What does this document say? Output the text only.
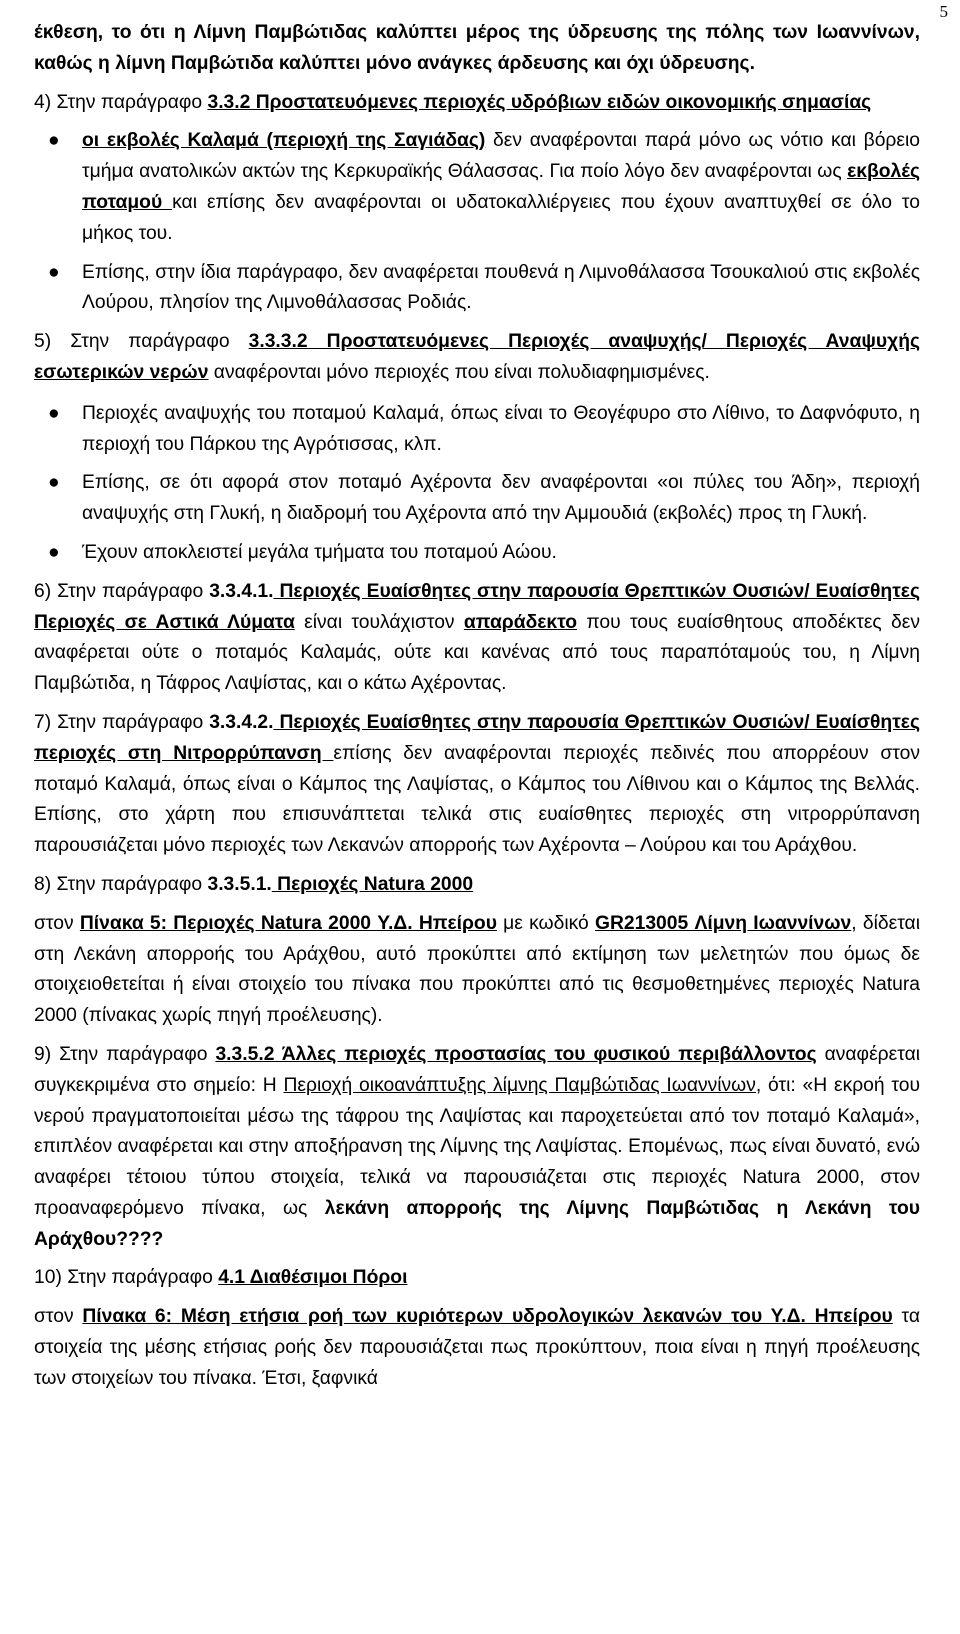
5
έκθεση, το ότι η Λίμνη Παμβώτιδας καλύπτει μέρος της ύδρευσης της πόλης των Ιωαννίνων, καθώς η λίμνη Παμβώτιδα καλύπτει μόνο ανάγκες άρδευσης και όχι ύδρευσης.
4) Στην παράγραφο 3.3.2 Προστατευόμενες περιοχές υδρόβιων ειδών οικονομικής σημασίας
● οι εκβολές Καλαμά (περιοχή της Σαγιάδας) δεν αναφέρονται παρά μόνο ως νότιο και βόρειο τμήμα ανατολικών ακτών της Κερκυραϊκής Θάλασσας. Για ποίο λόγο δεν αναφέρονται ως εκβολές ποταμού και επίσης δεν αναφέρονται οι υδατοκαλλιέργειες που έχουν αναπτυχθεί σε όλο το μήκος του.
● Επίσης, στην ίδια παράγραφο, δεν αναφέρεται πουθενά η Λιμνοθάλασσα Τσουκαλιού στις εκβολές Λούρου, πλησίον της Λιμνοθάλασσας Ροδιάς.
5) Στην παράγραφο 3.3.3.2 Προστατευόμενες Περιοχές αναψυχής/ Περιοχές Αναψυχής εσωτερικών νερών αναφέρονται μόνο περιοχές που είναι πολυδιαφημισμένες.
● Περιοχές αναψυχής του ποταμού Καλαμά, όπως είναι το Θεογέφυρο στο Λίθινο, το Δαφνόφυτο, η περιοχή του Πάρκου της Αγρότισσας, κλπ.
● Επίσης, σε ότι αφορά στον ποταμό Αχέροντα δεν αναφέρονται «οι πύλες του Άδη», περιοχή αναψυχής στη Γλυκή, η διαδρομή του Αχέροντα από την Αμμουδιά (εκβολές) προς τη Γλυκή.
● Έχουν αποκλειστεί μεγάλα τμήματα του ποταμού Αώου.
6) Στην παράγραφο 3.3.4.1. Περιοχές Ευαίσθητες στην παρουσία Θρεπτικών Ουσιών/ Ευαίσθητες Περιοχές σε Αστικά Λύματα είναι τουλάχιστον απαράδεκτο που τους ευαίσθητους αποδέκτες δεν αναφέρεται ούτε ο ποταμός Καλαμάς, ούτε και κανένας από τους παραπόταμούς του, η Λίμνη Παμβώτιδα, η Τάφρος Λαψίστας, και ο κάτω Αχέροντας.
7) Στην παράγραφο 3.3.4.2. Περιοχές Ευαίσθητες στην παρουσία Θρεπτικών Ουσιών/ Ευαίσθητες περιοχές στη Νιτρορρύπανση επίσης δεν αναφέρονται περιοχές πεδινές που απορρέουν στον ποταμό Καλαμά, όπως είναι ο Κάμπος της Λαψίστας, ο Κάμπος του Λίθινου και ο Κάμπος της Βελλάς. Επίσης, στο χάρτη που επισυνάπτεται τελικά στις ευαίσθητες περιοχές στη νιτρορρύπανση παρουσιάζεται μόνο περιοχές των Λεκανών απορροής των Αχέροντα – Λούρου και του Αράχθου.
8) Στην παράγραφο 3.3.5.1. Περιοχές Natura 2000
στον Πίνακα 5: Περιοχές Natura 2000 Υ.Δ. Ηπείρου με κωδικό GR213005 Λίμνη Ιωαννίνων, δίδεται στη Λεκάνη απορροής του Αράχθου, αυτό προκύπτει από εκτίμηση των μελετητών που όμως δε στοιχειοθετείται ή είναι στοιχείο του πίνακα που προκύπτει από τις θεσμοθετημένες περιοχές Natura 2000 (πίνακας χωρίς πηγή προέλευσης).
9) Στην παράγραφο 3.3.5.2 Άλλες περιοχές προστασίας του φυσικού περιβάλλοντος αναφέρεται συγκεκριμένα στο σημείο: Η Περιοχή οικοανάπτυξης λίμνης Παμβώτιδας Ιωαννίνων, ότι: «Η εκροή του νερού πραγματοποιείται μέσω της τάφρου της Λαψίστας και παροχετεύεται από τον ποταμό Καλαμά», επιπλέον αναφέρεται και στην αποξήρανση της Λίμνης της Λαψίστας. Επομένως, πως είναι δυνατό, ενώ αναφέρει τέτοιου τύπου στοιχεία, τελικά να παρουσιάζεται στις περιοχές Natura 2000, στον προαναφερόμενο πίνακα, ως λεκάνη απορροής της Λίμνης Παμβώτιδας η Λεκάνη του Αράχθου????
10) Στην παράγραφο 4.1 Διαθέσιμοι Πόροι
στον Πίνακα 6: Μέση ετήσια ροή των κυριότερων υδρολογικών λεκανών του Υ.Δ. Ηπείρου τα στοιχεία της μέσης ετήσιας ροής δεν παρουσιάζεται πως προκύπτουν, ποια είναι η πηγή προέλευσης των στοιχείων του πίνακα. Έτσι, ξαφνικά
